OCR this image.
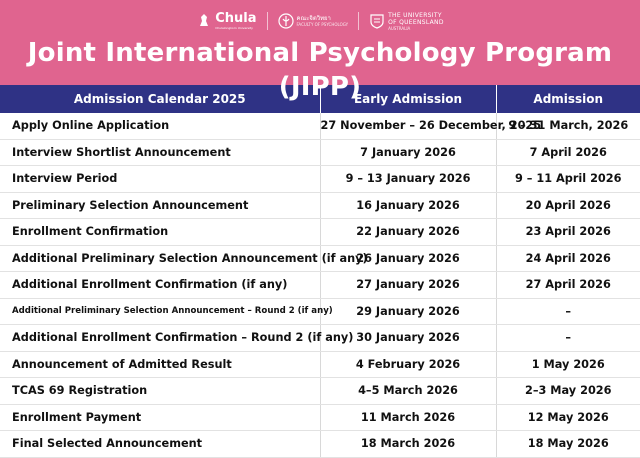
Chula
Chulalongkorn University
คณะจิตวิทยา
FACULTY OF PSYCHOLOGY
THE UNIVERSITY
OF QUEENSLAND
AUSTRALIA
Joint International Psychology Program (JIPP)
Admission Calendar 2025	Early Admission	Admission
Apply Online Application	27 November – 26 December, 2025	9 – 31 March, 2026
Interview Shortlist Announcement	7 January 2026	7 April 2026
Interview Period	9 – 13 January 2026	9 – 11 April 2026
Preliminary Selection Announcement	16 January 2026	20 April 2026
Enrollment Confirmation	22 January 2026	23 April 2026
Additional Preliminary Selection Announcement (if any)	26 January 2026	24 April 2026
Additional Enrollment Confirmation (if any)	27 January 2026	27 April 2026
Additional Preliminary Selection Announcement – Round 2 (if any)	29 January 2026	–
Additional Enrollment Confirmation – Round 2 (if any)	30 January 2026	–
Announcement of Admitted Result	4 February 2026	1 May 2026
TCAS 69 Registration	4–5 March 2026	2–3 May 2026
Enrollment Payment	11 March 2026	12 May 2026
Final Selected Announcement	18 March 2026	18 May 2026
